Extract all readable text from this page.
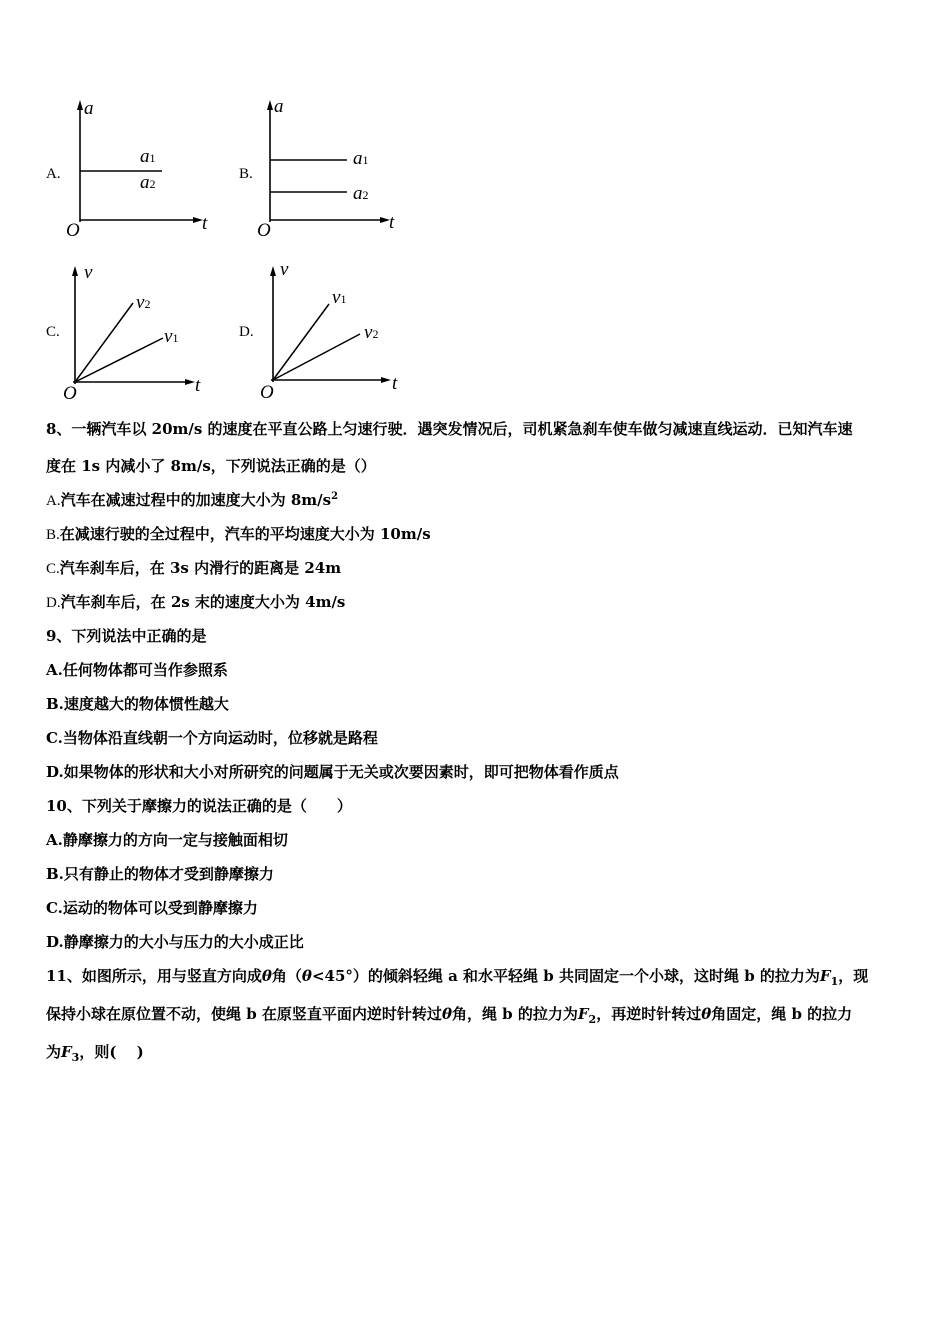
A.
a
t
O
a1
a2
B.
a
t
O
a1
a2
C.
v
t
O
v2
v1	D.
v
t
O
v1
v2
8、一辆汽车以 20m/s 的速度在平直公路上匀速行驶．遇突发情况后，司机紧急刹车使车做匀减速直线运动．已知汽车速
度在 1s 内减小了 8m/s，下列说法正确的是（）
A.汽车在减速过程中的加速度大小为 $8m/s^2$
B.在减速行驶的全过程中，汽车的平均速度大小为 10m/s
C.汽车刹车后，在 3s 内滑行的距离是 24m
D.汽车刹车后，在 2s 末的速度大小为 4m/s
9、下列说法中正确的是
A.任何物体都可当作参照系
B.速度越大的物体惯性越大
C.当物体沿直线朝一个方向运动时，位移就是路程
D.如果物体的形状和大小对所研究的问题属于无关或次要因素时，即可把物体看作质点
10、下列关于摩擦力的说法正确的是（　　）
A.静摩擦力的方向一定与接触面相切
B.只有静止的物体才受到静摩擦力
C.运动的物体可以受到静摩擦力
D.静摩擦力的大小与压力的大小成正比
11、如图所示，用与竖直方向成θ角（θ<45°）的倾斜轻绳 a 和水平轻绳 b 共同固定一个小球，这时绳 b 的拉力为$F_1$，现
保持小球在原位置不动，使绳 b 在原竖直平面内逆时针转过θ角，绳 b 的拉力为$F_2$，再逆时针转过θ角固定，绳 b 的拉力
为$F_3$，则(　 )
